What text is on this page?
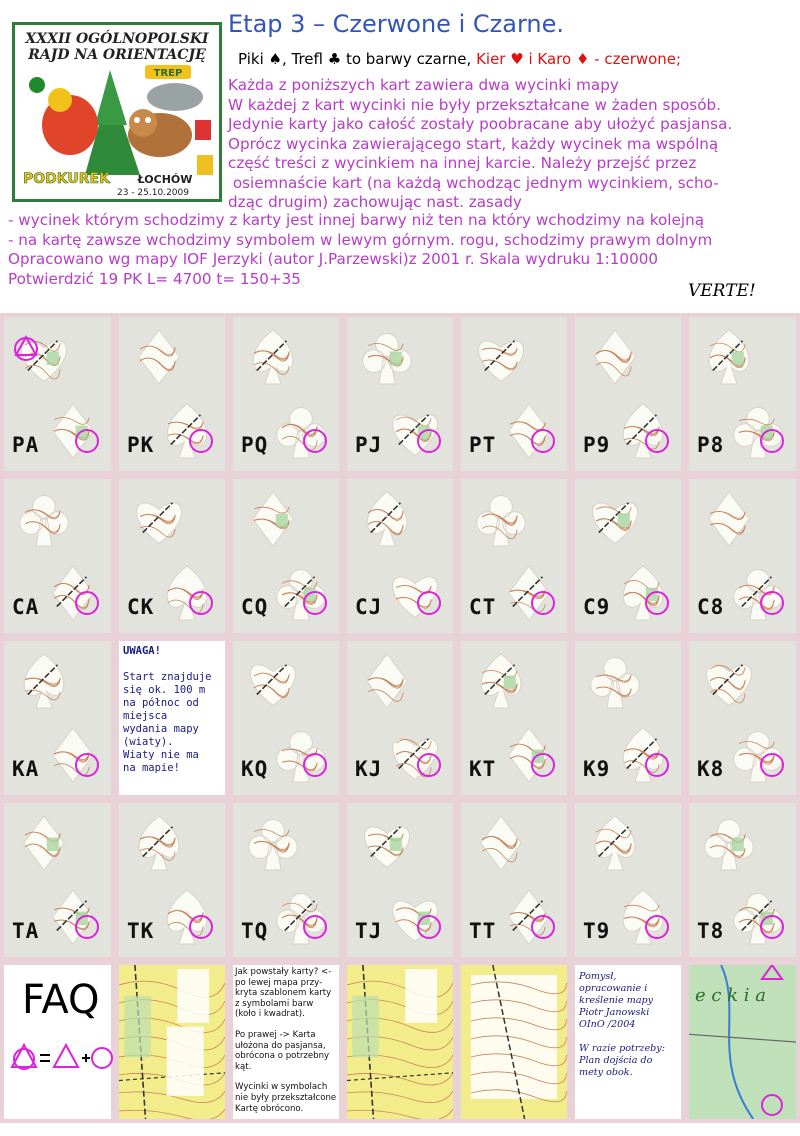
XXXII OGÓLNOPOLSKI
RAJD NA ORIENTACJĘ
TREP
PODKUREK	ŁOCHÓW
23 - 25.10.2009
Etap 3 – Czerwone i Czarne.
Piki ♠, Trefl ♣ to barwy czarne, Kier ♥ i Karo ♦ - czerwone;

Każda z poniższych kart zawiera dwa wycinki mapy

W każdej z kart wycinki nie były przekształcane w żaden sposób.

Jedynie karty jako całość zostały poobracane aby ułożyć pasjansa.

Oprócz wycinka zawierającego start, każdy wycinek ma wspólną

część treści z wycinkiem na innej karcie. Należy przejść przez

osiemnaście kart (na każdą wchodząc jednym wycinkiem, scho-

dząc drugim) zachowując nast. zasady

- wycinek którym schodzimy z karty jest innej barwy niż ten na który wchodzimy na kolejną

- na kartę zawsze wchodzimy symbolem w lewym górnym. rogu, schodzimy prawym dolnym

Opracowano wg mapy IOF Jerzyki (autor J.Parzewski)z 2001 r. Skala wydruku 1:10000

Potwierdzić 19 PK L= 4700 t= 150+35

VERTE!
PA	PK	PQ	PJ	PT	P9	P8
CA	CK	CQ	CJ	CT	C9	C8
KA
UWAGA!

Start znajduje
się ok. 100 m
na północ od
miejsca
wydania mapy
(wiaty).
Wiaty nie ma
na mapie!	KQ	KJ	KT	K9	K8
TA	TK	TQ	TJ	TT	T9	T8
FAQ

Jak powstały karty? <- po lewej mapa przy-kryta szablonem karty z symbolami barw (koło i kwadrat).

Po prawej -> Karta ułożona do pasjansa, obrócona o potrzebny kąt.

Wycinki w symbolach nie były przekształcone Kartę obrócono.

Pomysł, opracowanie i kreślenie mapy Piotr Janowski OInO /2004

W razie potrzeby: Plan dojścia do mety obok.

e c k i a
